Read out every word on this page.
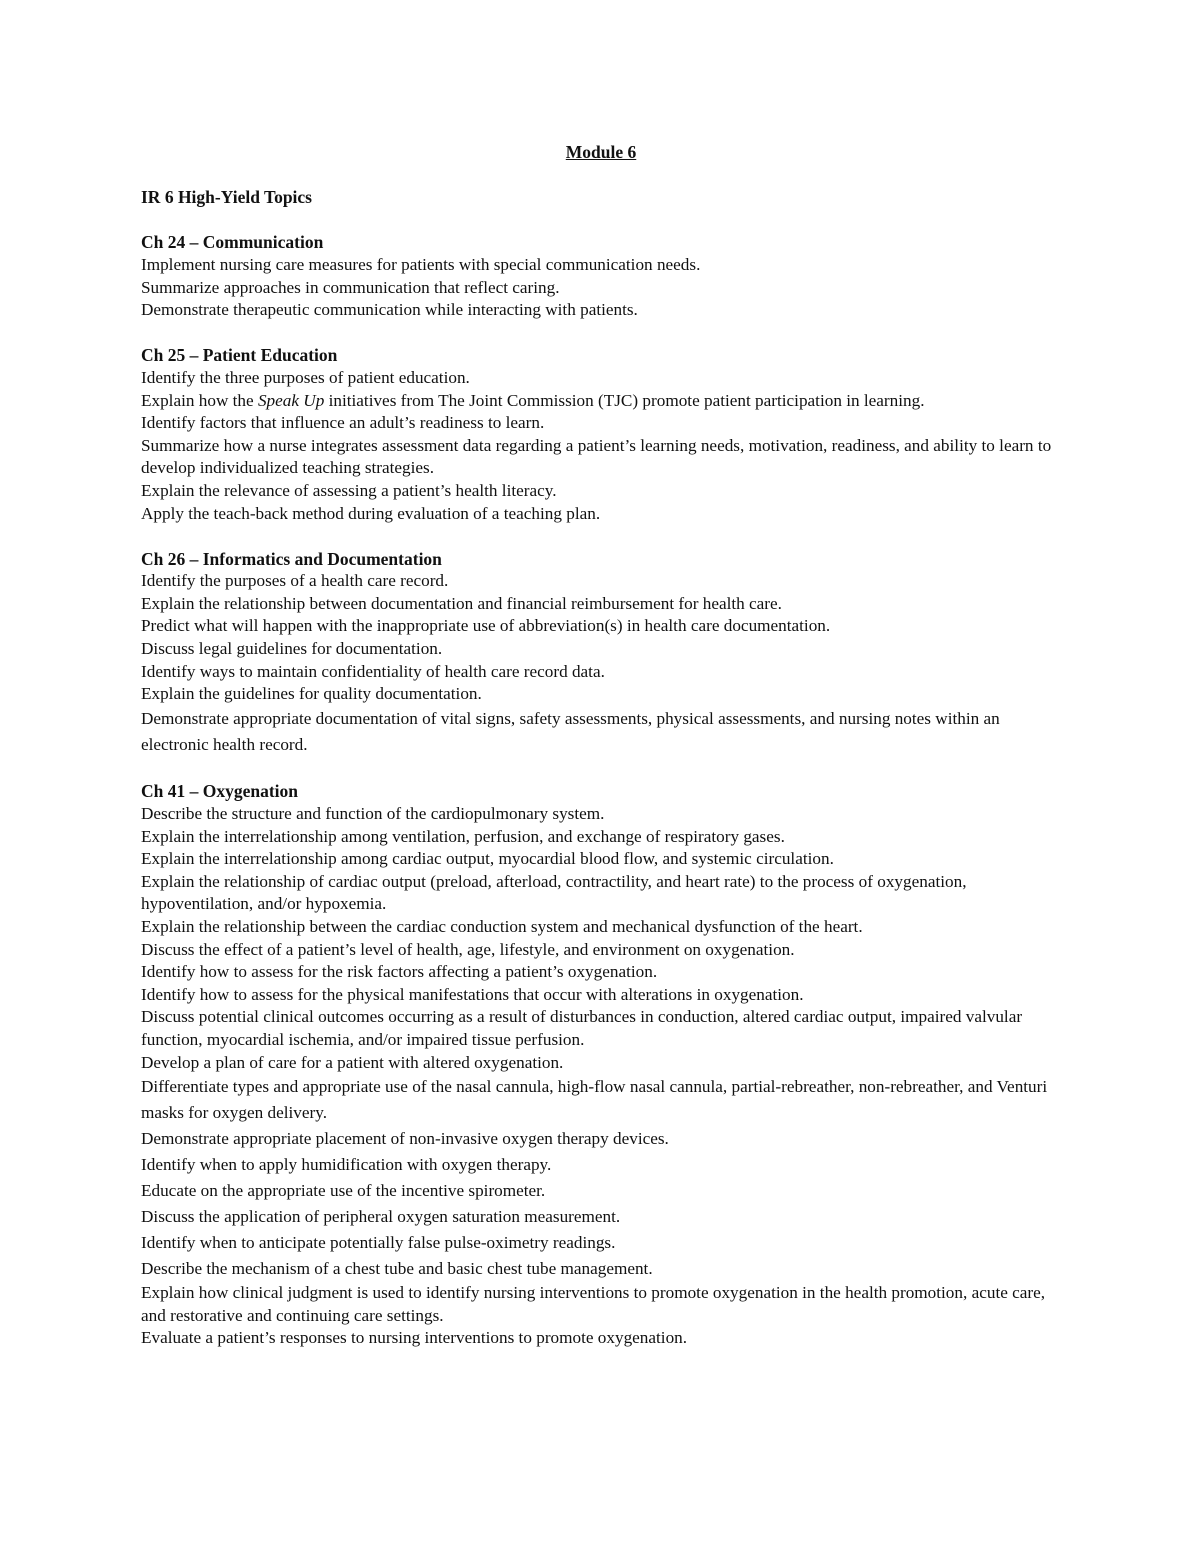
Module 6

IR 6 High-Yield Topics

Ch 24 – Communication

Implement nursing care measures for patients with special communication needs.

Summarize approaches in communication that reflect caring.

Demonstrate therapeutic communication while interacting with patients.

Ch 25 – Patient Education

Identify the three purposes of patient education.

Explain how the Speak Up initiatives from The Joint Commission (TJC) promote patient participation in learning.

Identify factors that influence an adult’s readiness to learn.

Summarize how a nurse integrates assessment data regarding a patient’s learning needs, motivation, readiness, and ability to learn to develop individualized teaching strategies.

Explain the relevance of assessing a patient’s health literacy.

Apply the teach-back method during evaluation of a teaching plan.

Ch 26 – Informatics and Documentation

Identify the purposes of a health care record.

Explain the relationship between documentation and financial reimbursement for health care.

Predict what will happen with the inappropriate use of abbreviation(s) in health care documentation.

Discuss legal guidelines for documentation.

Identify ways to maintain confidentiality of health care record data.

Explain the guidelines for quality documentation.

Demonstrate appropriate documentation of vital signs, safety assessments, physical assessments, and nursing notes within an electronic health record.

Ch 41 – Oxygenation

Describe the structure and function of the cardiopulmonary system.

Explain the interrelationship among ventilation, perfusion, and exchange of respiratory gases.

Explain the interrelationship among cardiac output, myocardial blood flow, and systemic circulation.

Explain the relationship of cardiac output (preload, afterload, contractility, and heart rate) to the process of oxygenation, hypoventilation, and/or hypoxemia.

Explain the relationship between the cardiac conduction system and mechanical dysfunction of the heart.

Discuss the effect of a patient’s level of health, age, lifestyle, and environment on oxygenation.

Identify how to assess for the risk factors affecting a patient’s oxygenation.

Identify how to assess for the physical manifestations that occur with alterations in oxygenation.

Discuss potential clinical outcomes occurring as a result of disturbances in conduction, altered cardiac output, impaired valvular function, myocardial ischemia, and/or impaired tissue perfusion.

Develop a plan of care for a patient with altered oxygenation.

Differentiate types and appropriate use of the nasal cannula, high-flow nasal cannula, partial-rebreather, non-rebreather, and Venturi masks for oxygen delivery.

Demonstrate appropriate placement of non-invasive oxygen therapy devices.

Identify when to apply humidification with oxygen therapy.

Educate on the appropriate use of the incentive spirometer.

Discuss the application of peripheral oxygen saturation measurement.

Identify when to anticipate potentially false pulse-oximetry readings.

Describe the mechanism of a chest tube and basic chest tube management.

Explain how clinical judgment is used to identify nursing interventions to promote oxygenation in the health promotion, acute care, and restorative and continuing care settings.

Evaluate a patient’s responses to nursing interventions to promote oxygenation.
